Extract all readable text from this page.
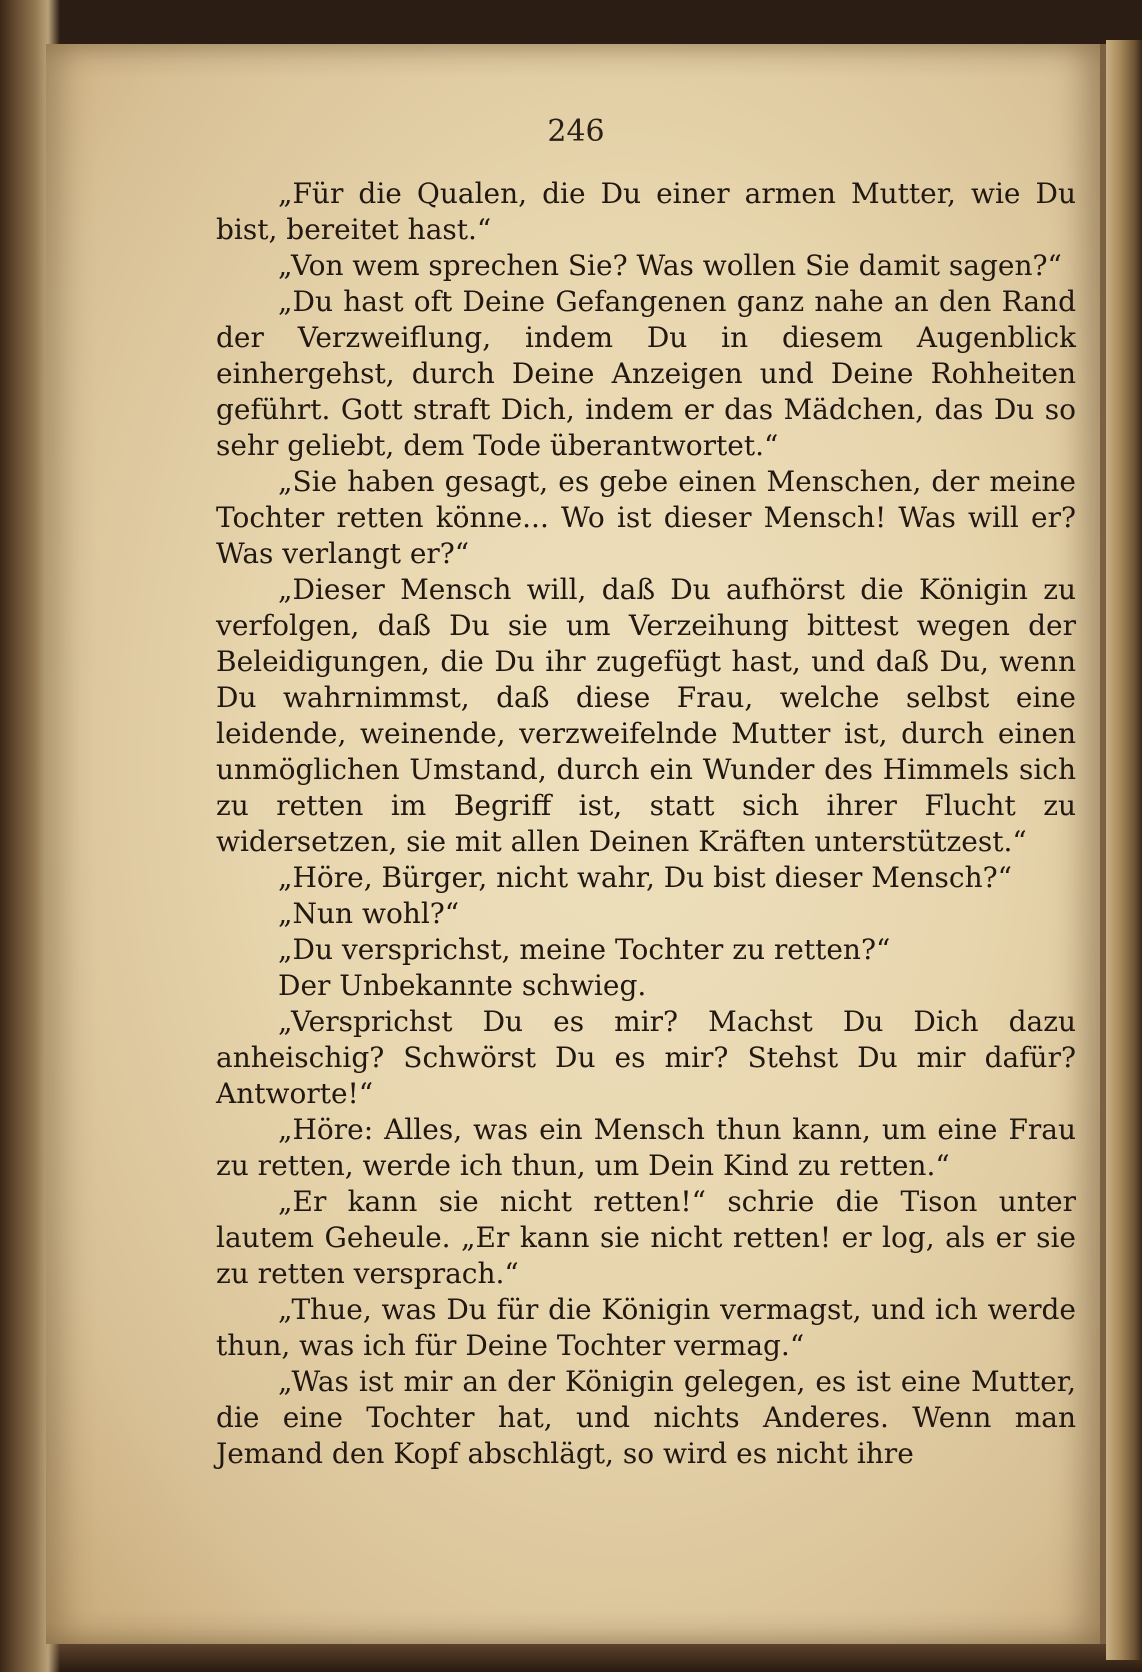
246

„Für die Qualen, die Du einer armen Mutter, wie Du bist, bereitet hast.“

„Von wem sprechen Sie? Was wollen Sie damit sagen?“

„Du hast oft Deine Gefangenen ganz nahe an den Rand der Verzweiflung, indem Du in diesem Augenblick einhergehst, durch Deine Anzeigen und Deine Rohheiten geführt. Gott straft Dich, indem er das Mädchen, das Du so sehr geliebt, dem Tode überantwortet.“

„Sie haben gesagt, es gebe einen Menschen, der meine Tochter retten könne... Wo ist dieser Mensch! Was will er? Was verlangt er?“

„Dieser Mensch will, daß Du aufhörst die Königin zu verfolgen, daß Du sie um Verzeihung bittest wegen der Beleidigungen, die Du ihr zugefügt hast, und daß Du, wenn Du wahrnimmst, daß diese Frau, welche selbst eine leidende, weinende, verzweifelnde Mutter ist, durch einen unmöglichen Umstand, durch ein Wunder des Himmels sich zu retten im Begriff ist, statt sich ihrer Flucht zu widersetzen, sie mit allen Deinen Kräften unterstützest.“

„Höre, Bürger, nicht wahr, Du bist dieser Mensch?“

„Nun wohl?“

„Du versprichst, meine Tochter zu retten?“

Der Unbekannte schwieg.

„Versprichst Du es mir? Machst Du Dich dazu anheischig? Schwörst Du es mir? Stehst Du mir dafür? Antworte!“

„Höre: Alles, was ein Mensch thun kann, um eine Frau zu retten, werde ich thun, um Dein Kind zu retten.“

„Er kann sie nicht retten!“ schrie die Tison unter lautem Geheule. „Er kann sie nicht retten! er log, als er sie zu retten versprach.“

„Thue, was Du für die Königin vermagst, und ich werde thun, was ich für Deine Tochter vermag.“

„Was ist mir an der Königin gelegen, es ist eine Mutter, die eine Tochter hat, und nichts Anderes. Wenn man Jemand den Kopf abschlägt, so wird es nicht ihre
